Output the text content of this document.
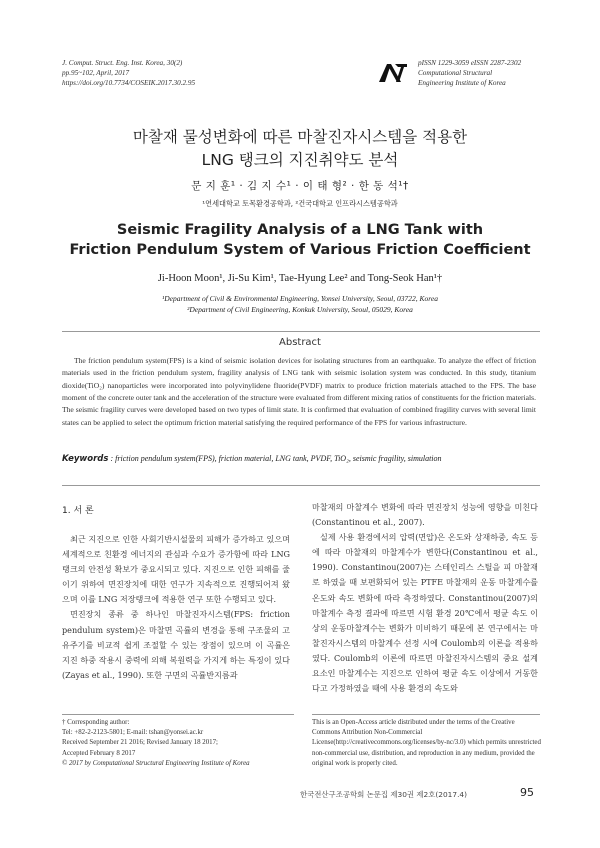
J. Comput. Struct. Eng. Inst. Korea, 30(2)
pp.95~102, April, 2017
https://doi.org/10.7734/COSEIK.2017.30.2.95
pISSN 1229-3059 eISSN 2287-2302
Computational Structural
Engineering Institute of Korea
마찰재 물성변화에 따른 마찰진자시스템을 적용한
LNG 탱크의 지진취약도 분석
문 지 훈¹ · 김 지 수¹ · 이 태 형² · 한 동 석¹†
¹연세대학교 토목환경공학과, ²건국대학교 인프라시스템공학과
Seismic Fragility Analysis of a LNG Tank with
Friction Pendulum System of Various Friction Coefficient
Ji-Hoon Moon¹, Ji-Su Kim¹, Tae-Hyung Lee² and Tong-Seok Han¹†
¹Department of Civil & Environmental Engineering, Yonsei University, Seoul, 03722, Korea
²Department of Civil Engineering, Konkuk University, Seoul, 05029, Korea
Abstract
The friction pendulum system(FPS) is a kind of seismic isolation devices for isolating structures from an earthquake. To analyze the effect of friction materials used in the friction pendulum system, fragility analysis of LNG tank with seismic isolation system was conducted. In this study, titanium dioxide(TiO₂) nanoparticles were incorporated into polyvinylidene fluoride(PVDF) matrix to produce friction materials attached to the FPS. The base moment of the concrete outer tank and the acceleration of the structure were evaluated from different mixing ratios of constituents for the friction materials. The seismic fragility curves were developed based on two types of limit state. It is confirmed that evaluation of combined fragility curves with several limit states can be applied to select the optimum friction material satisfying the required performance of the FPS for various infrastructure.
Keywords : friction pendulum system(FPS), friction material, LNG tank, PVDF, TiO₂, seismic fragility, simulation
1. 서 론

최근 지진으로 인한 사회기반시설물의 피해가 증가하고 있으며 세계적으로 친환경 에너지의 관심과 수요가 증가함에 따라 LNG 탱크의 안전성 확보가 중요시되고 있다. 지진으로 인한 피해를 줄이기 위하여 면진장치에 대한 연구가 지속적으로 진행되어져 왔으며 이를 LNG 저장탱크에 적용한 연구 또한 수행되고 있다.

면진장치 종류 중 하나인 마찰진자시스템(FPS: friction pendulum system)은 마찰면 곡률의 변경을 통해 구조물의 고유주기를 비교적 쉽게 조절할 수 있는 장점이 있으며 이 곡률은 지진 하중 작용시 중력에 의해 복원력을 가지게 하는 특징이 있다(Zayas et al., 1990). 또한 구면의 곡률반지름과

마찰재의 마찰계수 변화에 따라 면진장치 성능에 영향을 미친다(Constantinou et al., 2007).

실제 사용 환경에서의 압력(면압)은 온도와 상재하중, 속도 등에 따라 마찰재의 마찰계수가 변한다(Constantinou et al., 1990). Constantinou(2007)는 스테인리스 스틸을 피 마찰재로 하였을 때 보편화되어 있는 PTFE 마찰재의 운동 마찰계수를 온도와 속도 변화에 따라 측정하였다. Constantinou(2007)의 마찰계수 측정 결과에 따르면 시험 환경 20℃에서 평균 속도 이상의 운동마찰계수는 변화가 미비하기 때문에 본 연구에서는 마찰진자시스템의 마찰계수 선정 시에 Coulomb의 이론을 적용하였다. Coulomb의 이론에 따르면 마찰진자시스템의 중요 설계요소인 마찰계수는 지진으로 인하여 평균 속도 이상에서 거동한다고 가정하였을 때에 사용 환경의 속도와

† Corresponding author:
Tel: +82-2-2123-5801; E-mail: tshan@yonsei.ac.kr
Received September 21 2016; Revised January 18 2017;
Accepted February 8 2017
© 2017 by Computational Structural Engineering Institute of Korea
This is an Open-Access article distributed under the terms of the Creative Commons Attribution Non-Commercial License(http://creativecommons.org/licenses/by-nc/3.0) which permits unrestricted non-commercial use, distribution, and reproduction in any medium, provided the original work is properly cited.
한국전산구조공학회 논문집 제30권 제2호(2017.4)	95
